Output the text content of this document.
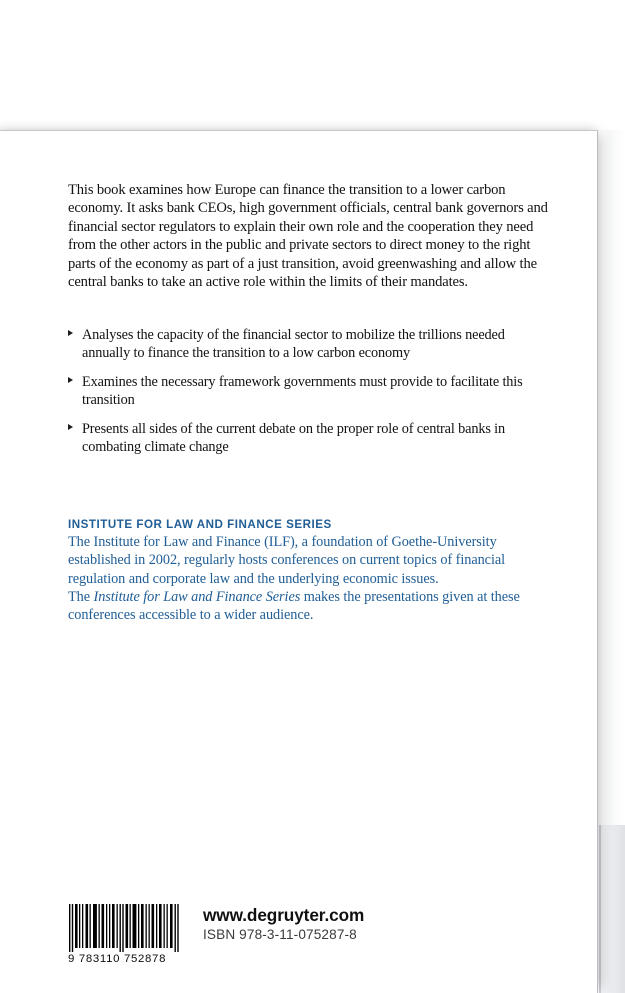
This book examines how Europe can finance the transition to a lower carbon economy. It asks bank CEOs, high government officials, central bank governors and financial sector regulators to explain their own role and the cooperation they need from the other actors in the public and private sectors to direct money to the right parts of the economy as part of a just transition, avoid greenwashing and allow the central banks to take an active role within the limits of their mandates.

Analyses the capacity of the financial sector to mobilize the trillions needed annually to finance the transition to a low carbon economy
Examines the necessary framework governments must provide to facilitate this transition
Presents all sides of the current debate on the proper role of central banks in combating climate change

INSTITUTE FOR LAW AND FINANCE SERIES

The Institute for Law and Finance (ILF), a foundation of Goethe-University established in 2002, regularly hosts conferences on current topics of financial regulation and corporate law and the underlying economic issues.

The Institute for Law and Finance Series makes the presentations given at these conferences accessible to a wider audience.

9 783110 752878

www.degruyter.com

ISBN 978-3-11-075287-8
